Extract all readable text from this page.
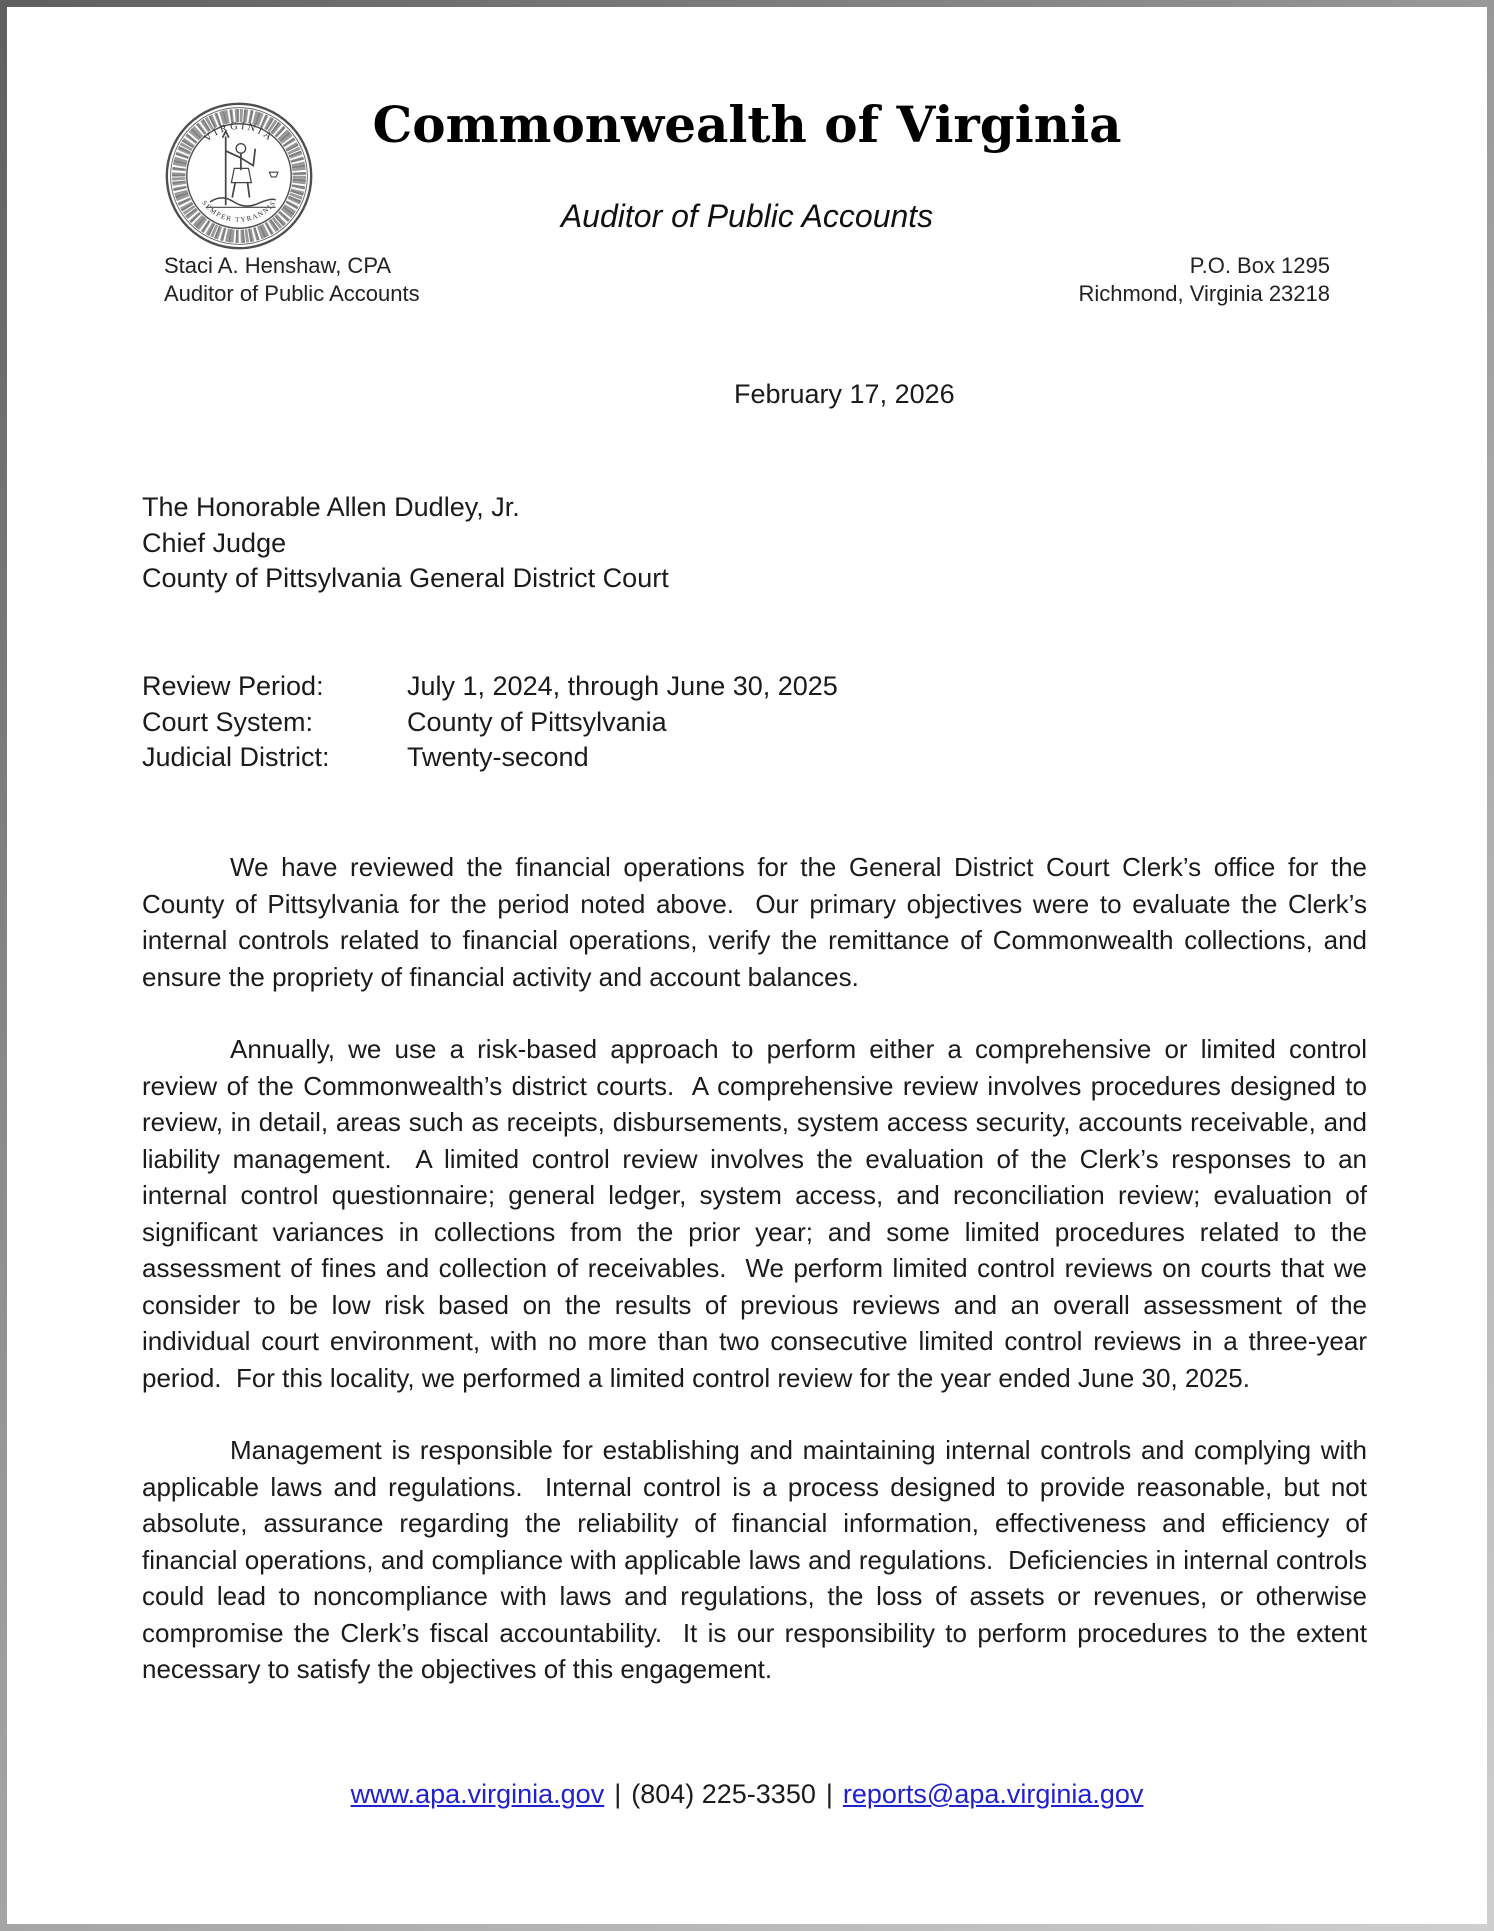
VIRGINIA
SEMPER TYRANNIS
Commonwealth of Virginia
Auditor of Public Accounts
Staci A. Henshaw, CPA
Auditor of Public Accounts
P.O. Box 1295
Richmond, Virginia 23218
February 17, 2026
The Honorable Allen Dudley, Jr.
Chief Judge
County of Pittsylvania General District Court
Review Period:	July 1, 2024, through June 30, 2025
Court System:	County of Pittsylvania
Judicial District:	Twenty-second

We have reviewed the financial operations for the General District Court Clerk’s office for the County of Pittsylvania for the period noted above.  Our primary objectives were to evaluate the Clerk’s internal controls related to financial operations, verify the remittance of Commonwealth collections, and ensure the propriety of financial activity and account balances.

Annually, we use a risk-based approach to perform either a comprehensive or limited control review of the Commonwealth’s district courts.  A comprehensive review involves procedures designed to review, in detail, areas such as receipts, disbursements, system access security, accounts receivable, and liability management.  A limited control review involves the evaluation of the Clerk’s responses to an internal control questionnaire; general ledger, system access, and reconciliation review; evaluation of significant variances in collections from the prior year; and some limited procedures related to the assessment of fines and collection of receivables.  We perform limited control reviews on courts that we consider to be low risk based on the results of previous reviews and an overall assessment of the individual court environment, with no more than two consecutive limited control reviews in a three-year period.  For this locality, we performed a limited control review for the year ended June 30, 2025.

Management is responsible for establishing and maintaining internal controls and complying with applicable laws and regulations.  Internal control is a process designed to provide reasonable, but not absolute, assurance regarding the reliability of financial information, effectiveness and efficiency of financial operations, and compliance with applicable laws and regulations.  Deficiencies in internal controls could lead to noncompliance with laws and regulations, the loss of assets or revenues, or otherwise compromise the Clerk’s fiscal accountability.  It is our responsibility to perform procedures to the extent necessary to satisfy the objectives of this engagement.

www.apa.virginia.gov | (804) 225-3350 | reports@apa.virginia.gov
